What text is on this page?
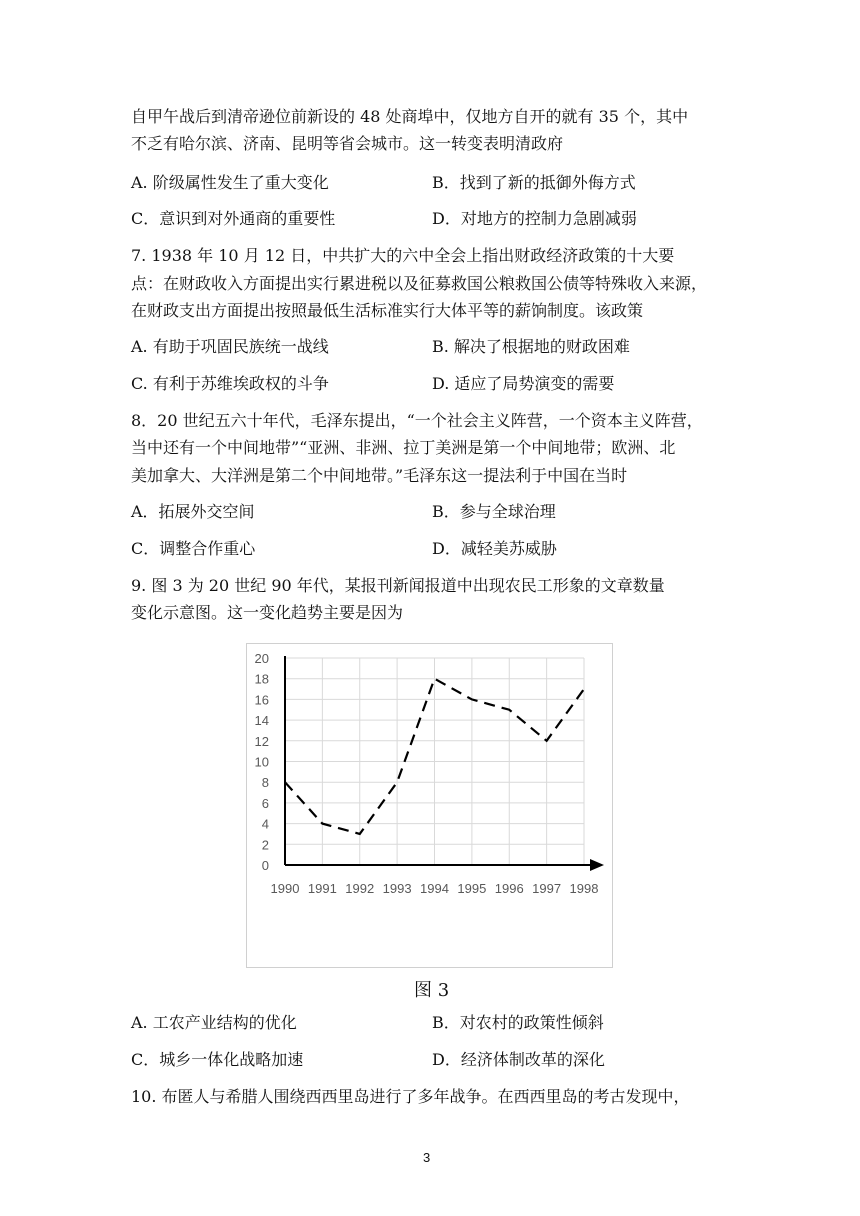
自甲午战后到清帝逊位前新设的 48 处商埠中，仅地方自开的就有 35 个，其中
不乏有哈尔滨、济南、昆明等省会城市。这一转变表明清政府
A. 阶级属性发生了重大变化	B．找到了新的抵御外侮方式
C．意识到对外通商的重要性	D．对地方的控制力急剧减弱
7. 1938 年 10 月 12 日，中共扩大的六中全会上指出财政经济政策的十大要
点：在财政收入方面提出实行累进税以及征募救国公粮救国公债等特殊收入来源，
在财政支出方面提出按照最低生活标准实行大体平等的薪饷制度。该政策
A. 有助于巩固民族统一战线	B. 解决了根据地的财政困难
C. 有利于苏维埃政权的斗争	D. 适应了局势演变的需要
8．20 世纪五六十年代，毛泽东提出，“一个社会主义阵营，一个资本主义阵营，
当中还有一个中间地带”“亚洲、非洲、拉丁美洲是第一个中间地带；欧洲、北
美加拿大、大洋洲是第二个中间地带。”毛泽东这一提法利于中国在当时
A．拓展外交空间	B．参与全球治理
C．调整合作重心	D．减轻美苏威胁
9. 图 3 为 20 世纪 90 年代，某报刊新闻报道中出现农民工形象的文章数量
变化示意图。这一变化趋势主要是因为
0
2
4
6
8
10
12
14
16
18
20
1990 1991 1992 1993 1994 1995 1996 1997 1998
图 3
A. 工农产业结构的优化	B．对农村的政策性倾斜
C．城乡一体化战略加速	D．经济体制改革的深化
10. 布匿人与希腊人围绕西西里岛进行了多年战争。在西西里岛的考古发现中，
3
